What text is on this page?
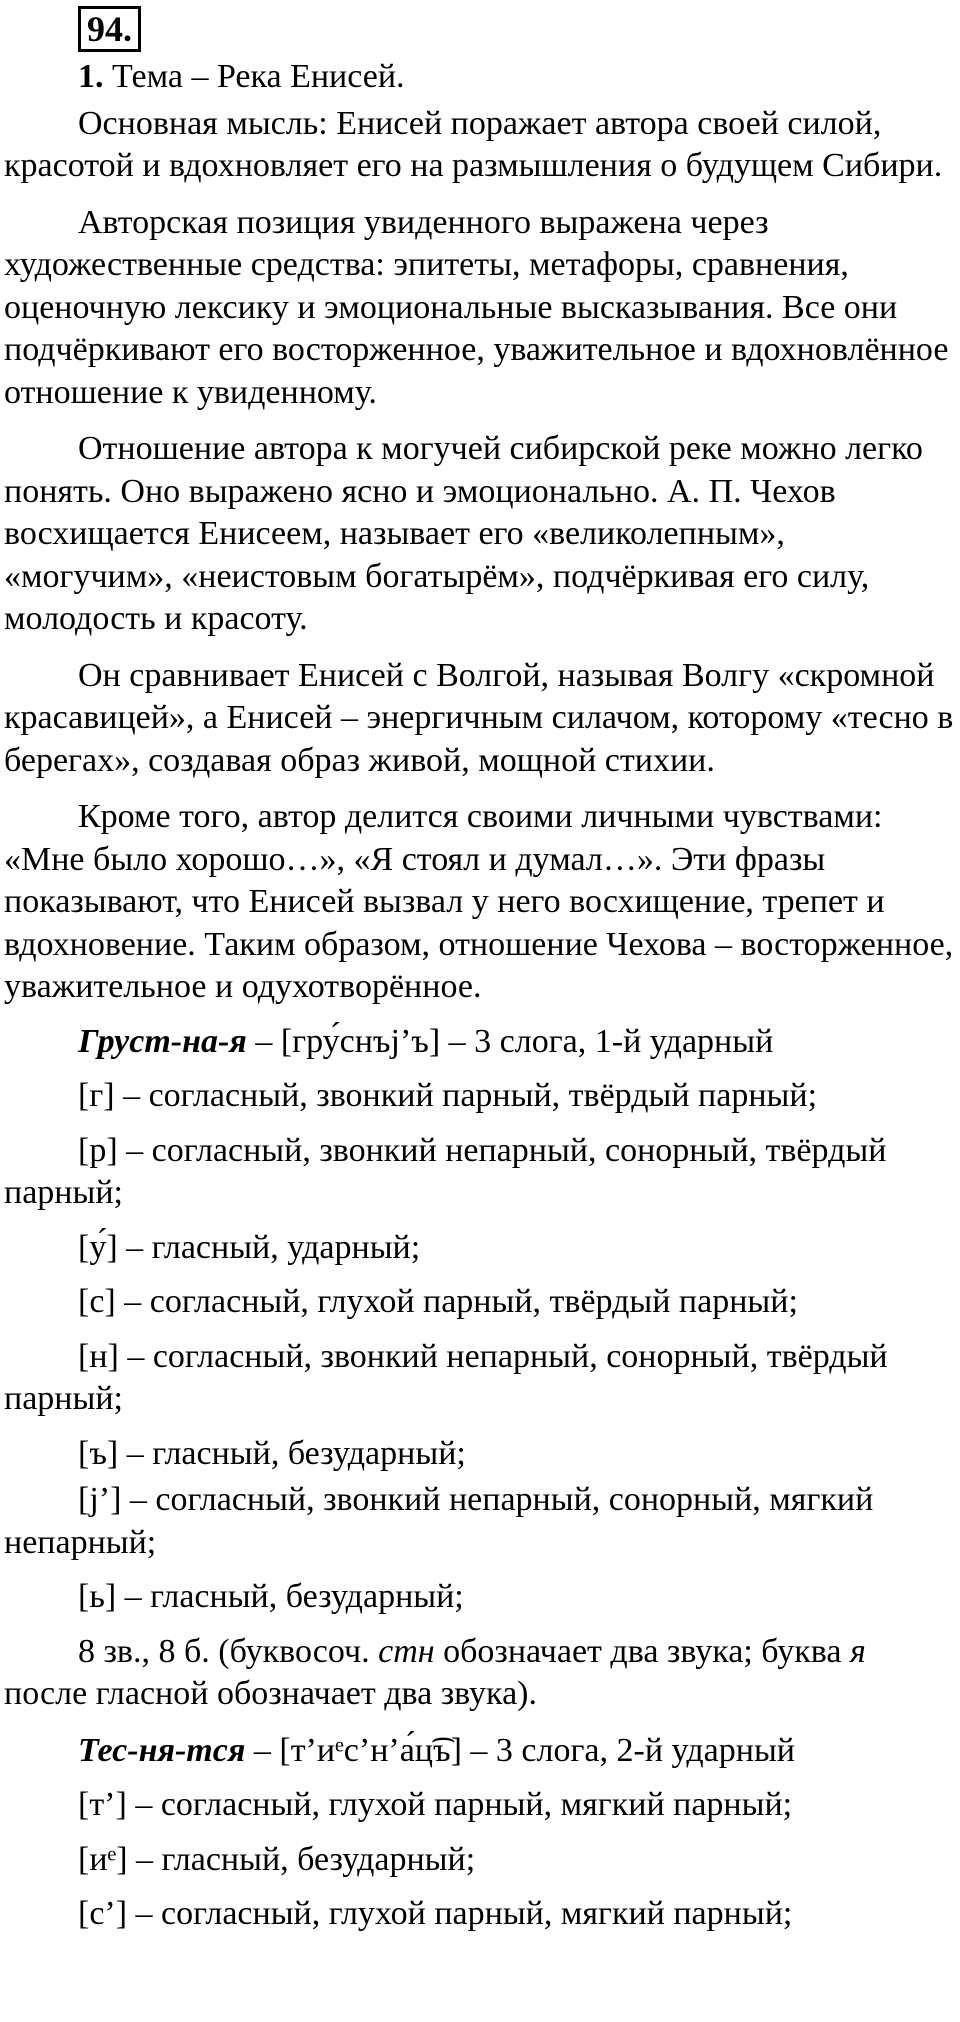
94.

1. Тема – Река Енисей.

Основная мысль: Енисей поражает автора своей силой, красотой и вдохновляет его на размышления о будущем Сибири.

Авторская позиция увиденного выражена через художественные средства: эпитеты, метафоры, сравнения, оценочную лексику и эмоциональные высказывания. Все они подчёркивают его восторженное, уважительное и вдохновлённое отношение к увиденному.

Отношение автора к могучей сибирской реке можно легко понять. Оно выражено ясно и эмоционально. А. П. Чехов восхищается Енисеем, называет его «великолепным», «могучим», «неистовым богатырём», подчёркивая его силу, молодость и красоту.

Он сравнивает Енисей с Волгой, называя Волгу «скромной красавицей», а Енисей – энергичным силачом, которому «тесно в берегах», создавая образ живой, мощной стихии.

Кроме того, автор делится своими личными чувствами: «Мне было хорошо…», «Я стоял и думал…». Эти фразы показывают, что Енисей вызвал у него восхищение, трепет и вдохновение. Таким образом, отношение Чехова – восторженное, уважительное и одухотворённое.

Груст-на-я – [гру́снъj’ъ] – 3 слога, 1-й ударный

[г] – согласный, звонкий парный, твёрдый парный;

[р] – согласный, звонкий непарный, сонорный, твёрдый парный;

[у́] – гласный, ударный;

[с] – согласный, глухой парный, твёрдый парный;

[н] – согласный, звонкий непарный, сонорный, твёрдый парный;

[ъ] – гласный, безударный;

[j’] – согласный, звонкий непарный, сонорный, мягкий непарный;

[ь] – гласный, безударный;

8 зв., 8 б. (буквосоч. стн обозначает два звука; буква я после гласной обозначает два звука).

Тес-ня-тся – [т’иᵉс’н’а́ц͡ъ] – 3 слога, 2-й ударный

[т’] – согласный, глухой парный, мягкий парный;

[иᵉ] – гласный, безударный;

[с’] – согласный, глухой парный, мягкий парный;
